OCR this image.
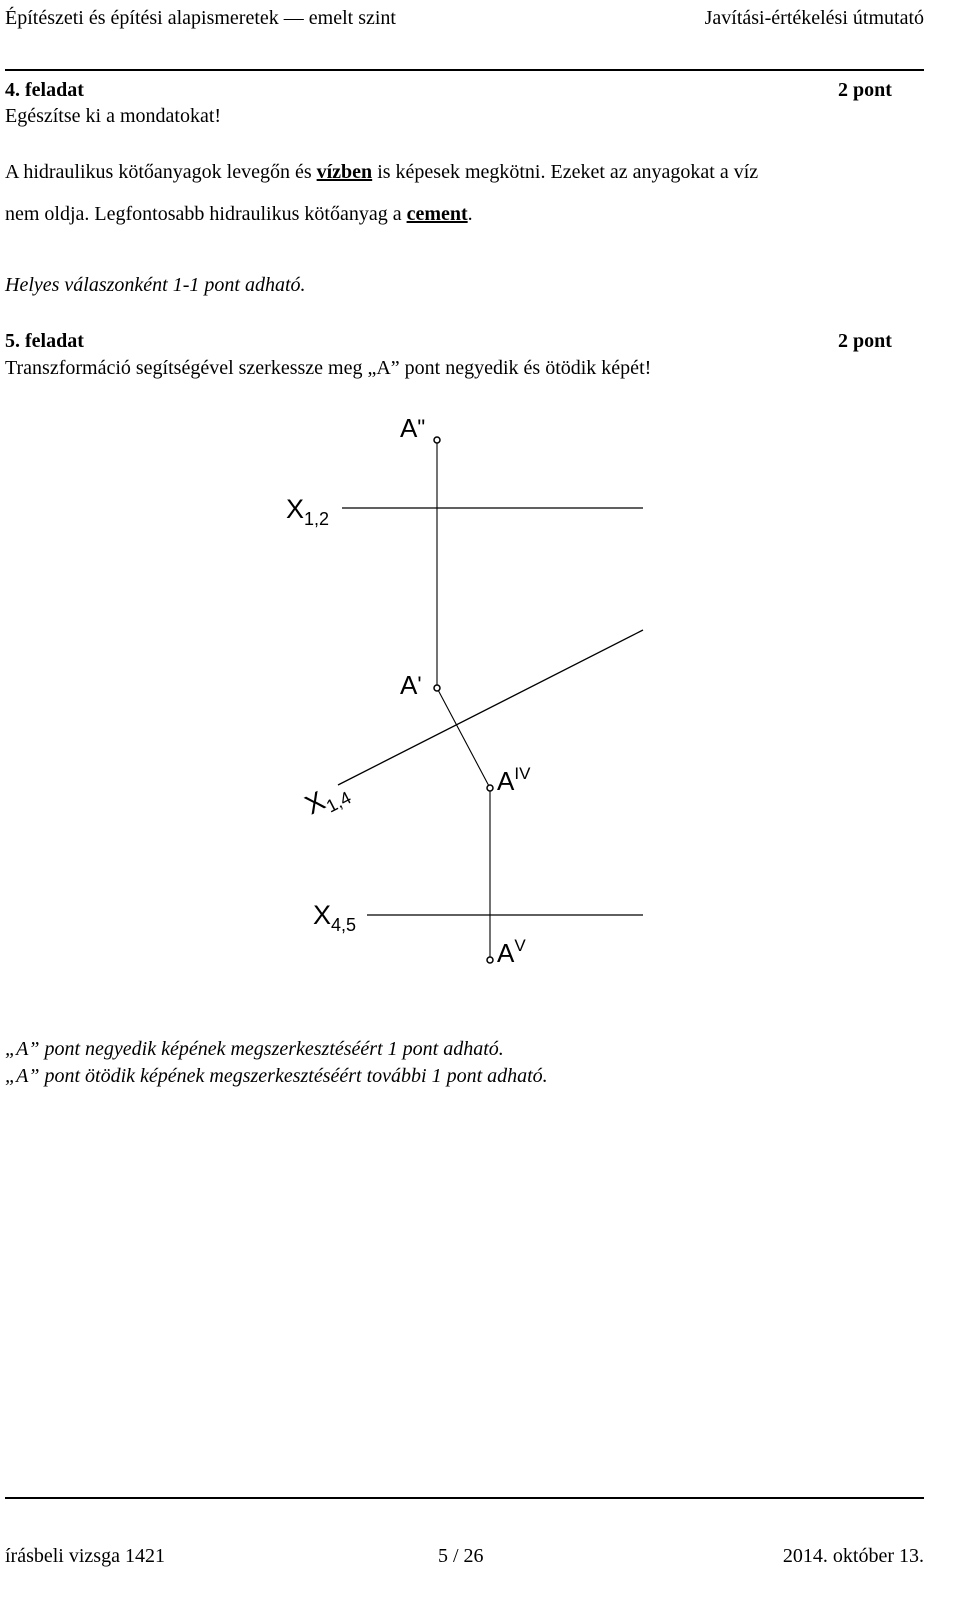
Építészeti és építési alapismeretek — emelt szint	Javítási-értékelési útmutató
4. feladat	2 pont
Egészítse ki a mondatokat!
A hidraulikus kötőanyagok levegőn és vízben is képesek megkötni. Ezeket az anyagokat a víz
nem oldja. Legfontosabb hidraulikus kötőanyag a cement.
Helyes válaszonként 1-1 pont adható.
5. feladat	2 pont
Transzformáció segítségével szerkessze meg „A” pont negyedik és ötödik képét!
A"
$X_{1,2}$
A'
$X_{1,4}$
$A^{IV}$
$X_{4,5}$
$A^V$
„A” pont negyedik képének megszerkesztéséért 1 pont adható.
„A” pont ötödik képének megszerkesztéséért további 1 pont adható.
írásbeli vizsga 1421	5 / 26	2014. október 13.
